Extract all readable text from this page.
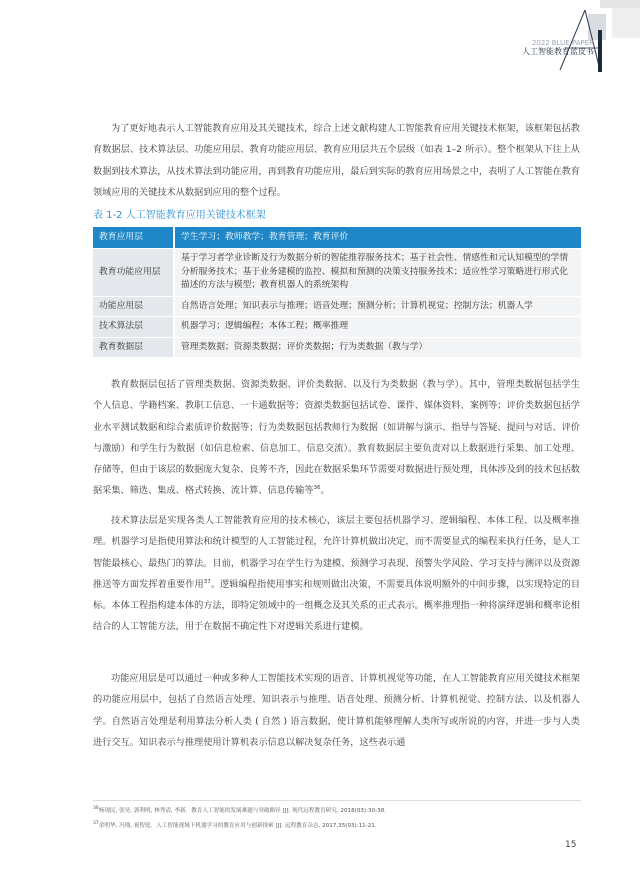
2022 BLUE PAPER
人工智能教育蓝皮书

为了更好地表示人工智能教育应用及其关键技术，综合上述文献构建人工智能教育应用关键技术框架，该框架包括教育数据层、技术算法层、功能应用层、教育功能应用层、教育应用层共五个层级（如表 1–2 所示）。整个框架从下往上从数据到技术算法，从技术算法到功能应用，再到教育功能应用，最后到实际的教育应用场景之中，表明了人工智能在教育领域应用的关键技术从数据到应用的整个过程。

表 1-2 人工智能教育应用关键技术框架

教育应用层	学生学习；教师教学；教育管理；教育评价
教育功能应用层	基于学习者学业诊断及行为数据分析的智能推荐服务技术；基于社会性、情感性和元认知模型的学情分析服务技术；基于业务建模的监控、模拟和预测的决策支持服务技术；适应性学习策略进行形式化描述的方法与模型；教育机器人的系统架构
功能应用层	自然语言处理；知识表示与推理；语音处理；预测分析；计算机视觉；控制方法；机器人学
技术算法层	机器学习；逻辑编程；本体工程；概率推理
教育数据层	管理类数据；资源类数据；评价类数据；行为类数据（教与学）

教育数据层包括了管理类数据、资源类数据、评价类数据、以及行为类数据（教与学）。其中，管理类数据包括学生个人信息、学籍档案、教职工信息、一卡通数据等；资源类数据包括试卷、课件、媒体资料、案例等；评价类数据包括学业水平测试数据和综合素质评价数据等；行为类数据包括教师行为数据（如讲解与演示、指导与答疑、提问与对话、评价与激励）和学生行为数据（如信息检索、信息加工、信息交流）。教育数据层主要负责对以上数据进行采集、加工处理、存储等，但由于该层的数据庞大复杂、良莠不齐，因此在数据采集环节需要对数据进行预处理，具体涉及到的技术包括数据采集、筛选、集成、格式转换、流计算、信息传输等$^{36}$。

技术算法层是实现各类人工智能教育应用的技术核心，该层主要包括机器学习、逻辑编程、本体工程、以及概率推理。机器学习是指使用算法和统计模型的人工智能过程，允许计算机做出决定，而不需要显式的编程来执行任务，是人工智能最核心、最热门的算法。目前，机器学习在学生行为建模、预测学习表现、预警失学风险、学习支持与测评以及资源推送等方面发挥着重要作用$^{37}$。逻辑编程指使用事实和规则做出决策，不需要具体说明额外的中间步骤，以实现特定的目标。本体工程指构建本体的方法，即特定领域中的一组概念及其关系的正式表示。概率推理指一种将演绎逻辑和概率论相结合的人工智能方法，用于在数据不确定性下对逻辑关系进行建模。

功能应用层是可以通过一种或多种人工智能技术实现的语音、计算机视觉等功能，在人工智能教育应用关键技术框架的功能应用层中，包括了自然语言处理、知识表示与推理、语音处理、预测分析、计算机视觉、控制方法、以及机器人学。自然语言处理是利用算法分析人类 ( 自然 ) 语言数据，使计算机能够理解人类所写或所说的内容，并进一步与人类进行交互。知识表示与推理使用计算机表示信息以解决复杂任务，这些表示通

$^{36}$杨现民, 张昊, 郭利明, 林秀清, 李新．教育人工智能的发展难题与突破路径 [J]. 现代远程教育研究, 2018(03):30-38.

$^{37}$余明华, 冯翔, 祝智庭．人工智能视域下机器学习的教育应用与创新探索 [J]. 远程教育杂志, 2017,35(03):11-21.

15
